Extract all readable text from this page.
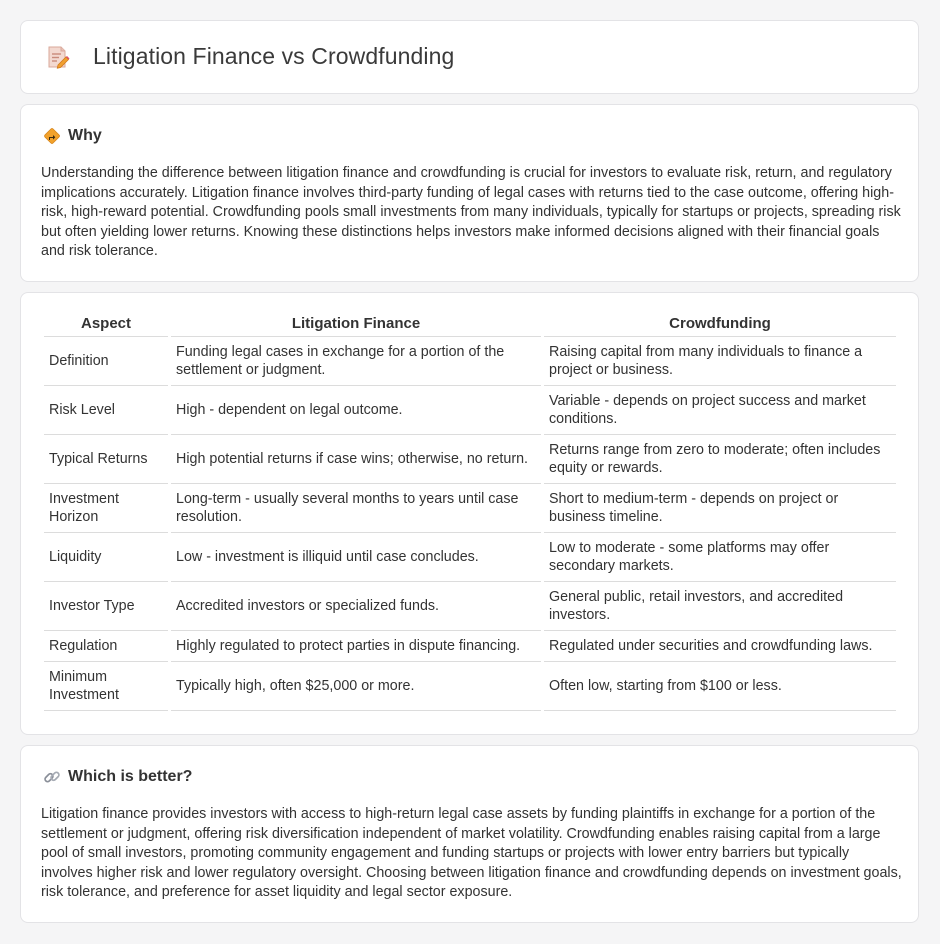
Litigation Finance vs Crowdfunding
Why

Understanding the difference between litigation finance and crowdfunding is crucial for investors to evaluate risk, return, and regulatory implications accurately. Litigation finance involves third-party funding of legal cases with returns tied to the case outcome, offering high-risk, high-reward potential. Crowdfunding pools small investments from many individuals, typically for startups or projects, spreading risk but often yielding lower returns. Knowing these distinctions helps investors make informed decisions aligned with their financial goals and risk tolerance.

Aspect	Litigation Finance	Crowdfunding
Definition	Funding legal cases in exchange for a portion of the settlement or judgment.	Raising capital from many individuals to finance a project or business.
Risk Level	High - dependent on legal outcome.	Variable - depends on project success and market conditions.
Typical Returns	High potential returns if case wins; otherwise, no return.	Returns range from zero to moderate; often includes equity or rewards.
Investment Horizon	Long-term - usually several months to years until case resolution.	Short to medium-term - depends on project or business timeline.
Liquidity	Low - investment is illiquid until case concludes.	Low to moderate - some platforms may offer secondary markets.
Investor Type	Accredited investors or specialized funds.	General public, retail investors, and accredited investors.
Regulation	Highly regulated to protect parties in dispute financing.	Regulated under securities and crowdfunding laws.
Minimum Investment	Typically high, often $25,000 or more.	Often low, starting from $100 or less.
Which is better?

Litigation finance provides investors with access to high-return legal case assets by funding plaintiffs in exchange for a portion of the settlement or judgment, offering risk diversification independent of market volatility. Crowdfunding enables raising capital from a large pool of small investors, promoting community engagement and funding startups or projects with lower entry barriers but typically involves higher risk and lower regulatory oversight. Choosing between litigation finance and crowdfunding depends on investment goals, risk tolerance, and preference for asset liquidity and legal sector exposure.
